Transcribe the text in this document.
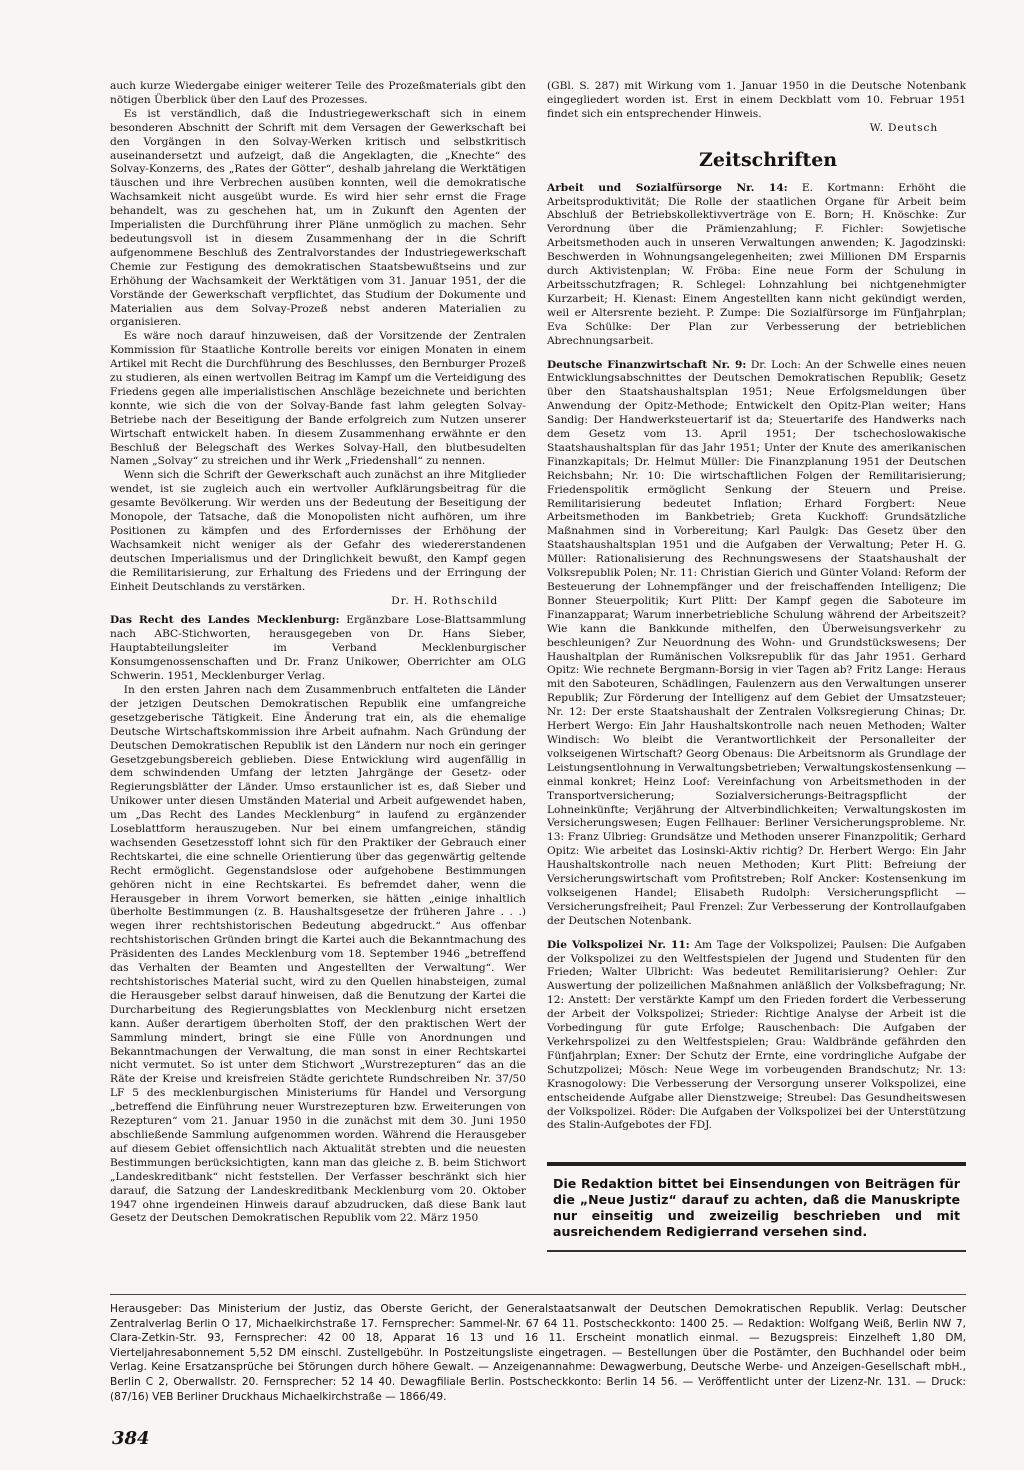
auch kurze Wiedergabe einiger weiterer Teile des Prozeßmaterials gibt den nötigen Überblick über den Lauf des Prozesses.

Es ist verständlich, daß die Industriegewerkschaft sich in einem besonderen Abschnitt der Schrift mit dem Versagen der Gewerkschaft bei den Vorgängen in den Solvay-Werken kritisch und selbstkritisch auseinandersetzt und aufzeigt, daß die Angeklagten, die „Knechte“ des Solvay-Konzerns, des „Rates der Götter“, deshalb jahrelang die Werktätigen täuschen und ihre Verbrechen ausüben konnten, weil die demokratische Wachsamkeit nicht ausgeübt wurde. Es wird hier sehr ernst die Frage behandelt, was zu geschehen hat, um in Zukunft den Agenten der Imperialisten die Durchführung ihrer Pläne unmöglich zu machen. Sehr bedeutungsvoll ist in diesem Zusammenhang der in die Schrift aufgenommene Beschluß des Zentralvorstandes der Industriegewerkschaft Chemie zur Festigung des demokratischen Staatsbewußtseins und zur Erhöhung der Wachsamkeit der Werktätigen vom 31. Januar 1951, der die Vorstände der Gewerkschaft verpflichtet, das Studium der Dokumente und Materialien aus dem Solvay-Prozeß nebst anderen Materialien zu organisieren.

Es wäre noch darauf hinzuweisen, daß der Vorsitzende der Zentralen Kommission für Staatliche Kontrolle bereits vor einigen Monaten in einem Artikel mit Recht die Durchführung des Beschlusses, den Bernburger Prozeß zu studieren, als einen wertvollen Beitrag im Kampf um die Verteidigung des Friedens gegen alle imperialistischen Anschläge bezeichnete und berichten konnte, wie sich die von der Solvay-Bande fast lahm gelegten Solvay-Betriebe nach der Beseitigung der Bande erfolgreich zum Nutzen unserer Wirtschaft entwickelt haben. In diesem Zusammenhang erwähnte er den Beschluß der Belegschaft des Werkes Solvay-Hall, den blutbesudelten Namen „Solvay“ zu streichen und ihr Werk „Friedenshall“ zu nennen.

Wenn sich die Schrift der Gewerkschaft auch zunächst an ihre Mitglieder wendet, ist sie zugleich auch ein wertvoller Aufklärungsbeitrag für die gesamte Bevölkerung. Wir werden uns der Bedeutung der Beseitigung der Monopole, der Tatsache, daß die Monopolisten nicht aufhören, um ihre Positionen zu kämpfen und des Erfordernisses der Erhöhung der Wachsamkeit nicht weniger als der Gefahr des wiedererstandenen deutschen Imperialismus und der Dringlichkeit bewußt, den Kampf gegen die Remilitarisierung, zur Erhaltung des Friedens und der Erringung der Einheit Deutschlands zu verstärken.

Dr. H. Rothschild

Das Recht des Landes Mecklenburg: Ergänzbare Lose-Blattsammlung nach ABC-Stichworten, herausgegeben von Dr. Hans Sieber, Hauptabteilungsleiter im Verband Mecklenburgischer Konsumgenossenschaften und Dr. Franz Unikower, Oberrichter am OLG Schwerin. 1951, Mecklenburger Verlag.

In den ersten Jahren nach dem Zusammenbruch entfalteten die Länder der jetzigen Deutschen Demokratischen Republik eine umfangreiche gesetzgeberische Tätigkeit. Eine Änderung trat ein, als die ehemalige Deutsche Wirtschaftskommission ihre Arbeit aufnahm. Nach Gründung der Deutschen Demokratischen Republik ist den Ländern nur noch ein geringer Gesetzgebungsbereich geblieben. Diese Entwicklung wird augenfällig in dem schwindenden Umfang der letzten Jahrgänge der Gesetz- oder Regierungsblätter der Länder. Umso erstaunlicher ist es, daß Sieber und Unikower unter diesen Umständen Material und Arbeit aufgewendet haben, um „Das Recht des Landes Mecklenburg“ in laufend zu ergänzender Loseblattform herauszugeben. Nur bei einem umfangreichen, ständig wachsenden Gesetzesstoff lohnt sich für den Praktiker der Gebrauch einer Rechtskartei, die eine schnelle Orientierung über das gegenwärtig geltende Recht ermöglicht. Gegenstandslose oder aufgehobene Bestimmungen gehören nicht in eine Rechtskartei. Es befremdet daher, wenn die Herausgeber in ihrem Vorwort bemerken, sie hätten „einige inhaltlich überholte Bestimmungen (z. B. Haushaltsgesetze der früheren Jahre . . .) wegen ihrer rechtshistorischen Bedeutung abgedruckt.“ Aus offenbar rechtshistorischen Gründen bringt die Kartei auch die Bekanntmachung des Präsidenten des Landes Mecklenburg vom 18. September 1946 „betreffend das Verhalten der Beamten und Angestellten der Verwaltung“. Wer rechtshistorisches Material sucht, wird zu den Quellen hinabsteigen, zumal die Herausgeber selbst darauf hinweisen, daß die Benutzung der Kartei die Durcharbeitung des Regierungsblattes von Mecklenburg nicht ersetzen kann. Außer derartigem überholten Stoff, der den praktischen Wert der Sammlung mindert, bringt sie eine Fülle von Anordnungen und Bekanntmachungen der Verwaltung, die man sonst in einer Rechtskartei nicht vermutet. So ist unter dem Stichwort „Wurstrezepturen“ das an die Räte der Kreise und kreisfreien Städte gerichtete Rundschreiben Nr. 37/50 LF 5 des mecklenburgischen Ministeriums für Handel und Versorgung „betreffend die Einführung neuer Wurstrezepturen bzw. Erweiterungen von Rezepturen“ vom 21. Januar 1950 in die zunächst mit dem 30. Juni 1950 abschließende Sammlung aufgenommen worden. Während die Herausgeber auf diesem Gebiet offensichtlich nach Aktualität strebten und die neuesten Bestimmungen berücksichtigten, kann man das gleiche z. B. beim Stichwort „Landeskreditbank“ nicht feststellen. Der Verfasser beschränkt sich hier darauf, die Satzung der Landeskreditbank Mecklenburg vom 20. Oktober 1947 ohne irgendeinen Hinweis darauf abzudrucken, daß diese Bank laut Gesetz der Deutschen Demokratischen Republik vom 22. März 1950

(GBl. S. 287) mit Wirkung vom 1. Januar 1950 in die Deutsche Notenbank eingegliedert worden ist. Erst in einem Deckblatt vom 10. Februar 1951 findet sich ein entsprechender Hinweis.

W. Deutsch

Zeitschriften

Arbeit und Sozialfürsorge Nr. 14: E. Kortmann: Erhöht die Arbeitsproduktivität; Die Rolle der staatlichen Organe für Arbeit beim Abschluß der Betriebskollektivverträge von E. Born; H. Knöschke: Zur Verordnung über die Prämienzahlung; F. Fichler: Sowjetische Arbeitsmethoden auch in unseren Verwaltungen anwenden; K. Jagodzinski: Beschwerden in Wohnungsangelegenheiten; zwei Millionen DM Ersparnis durch Aktivistenplan; W. Fröba: Eine neue Form der Schulung in Arbeitsschutzfragen; R. Schlegel: Lohnzahlung bei nichtgenehmigter Kurzarbeit; H. Kienast: Einem Angestellten kann nicht gekündigt werden, weil er Altersrente bezieht. P. Zumpe: Die Sozialfürsorge im Fünfjahrplan; Eva Schülke: Der Plan zur Verbesserung der betrieblichen Abrechnungsarbeit.

Deutsche Finanzwirtschaft Nr. 9: Dr. Loch: An der Schwelle eines neuen Entwicklungsabschnittes der Deutschen Demokratischen Republik; Gesetz über den Staatshaushaltsplan 1951; Neue Erfolgsmeldungen über Anwendung der Opitz-Methode; Entwickelt den Opitz-Plan weiter; Hans Sandig: Der Handwerksteuertarif ist da; Steuertarife des Handwerks nach dem Gesetz vom 13. April 1951; Der tschechoslowakische Staatshaushaltsplan für das Jahr 1951; Unter der Knute des amerikanischen Finanzkapitals; Dr. Helmut Müller: Die Finanzplanung 1951 der Deutschen Reichsbahn; Nr. 10: Die wirtschaftlichen Folgen der Remilitarisierung; Friedenspolitik ermöglicht Senkung der Steuern und Preise. Remilitarisierung bedeutet Inflation; Erhard Forgbert: Neue Arbeitsmethoden im Bankbetrieb; Greta Kuckhoff: Grundsätzliche Maßnahmen sind in Vorbereitung; Karl Paulgk: Das Gesetz über den Staatshaushaltsplan 1951 und die Aufgaben der Verwaltung; Peter H. G. Müller: Rationalisierung des Rechnungswesens der Staatshaushalt der Volksrepublik Polen; Nr. 11: Christian Gierich und Günter Voland: Reform der Besteuerung der Lohnempfänger und der freischaffenden Intelligenz; Die Bonner Steuerpolitik; Kurt Plitt: Der Kampf gegen die Saboteure im Finanzapparat; Warum innerbetriebliche Schulung während der Arbeitszeit? Wie kann die Bankkunde mithelfen, den Überweisungsverkehr zu beschleunigen? Zur Neuordnung des Wohn- und Grundstückswesens; Der Haushaltplan der Rumänischen Volksrepublik für das Jahr 1951. Gerhard Opitz: Wie rechnete Bergmann-Borsig in vier Tagen ab? Fritz Lange: Heraus mit den Saboteuren, Schädlingen, Faulenzern aus den Verwaltungen unserer Republik; Zur Förderung der Intelligenz auf dem Gebiet der Umsatzsteuer; Nr. 12: Der erste Staatshaushalt der Zentralen Volksregierung Chinas; Dr. Herbert Wergo: Ein Jahr Haushaltskontrolle nach neuen Methoden; Walter Windisch: Wo bleibt die Verantwortlichkeit der Personalleiter der volkseigenen Wirtschaft? Georg Obenaus: Die Arbeitsnorm als Grundlage der Leistungsentlohnung in Verwaltungsbetrieben; Verwaltungskostensenkung — einmal konkret; Heinz Loof: Vereinfachung von Arbeitsmethoden in der Transportversicherung; Sozialversicherungs-Beitragspflicht der Lohneinkünfte; Verjährung der Altverbindlichkeiten; Verwaltungskosten im Versicherungswesen; Eugen Fellhauer: Berliner Versicherungsprobleme. Nr. 13: Franz Ulbrieg: Grundsätze und Methoden unserer Finanzpolitik; Gerhard Opitz: Wie arbeitet das Losinski-Aktiv richtig? Dr. Herbert Wergo: Ein Jahr Haushaltskontrolle nach neuen Methoden; Kurt Plitt: Befreiung der Versicherungswirtschaft vom Profitstreben; Rolf Ancker: Kostensenkung im volkseigenen Handel; Elisabeth Rudolph: Versicherungspflicht — Versicherungsfreiheit; Paul Frenzel: Zur Verbesserung der Kontrollaufgaben der Deutschen Notenbank.

Die Volkspolizei Nr. 11: Am Tage der Volkspolizei; Paulsen: Die Aufgaben der Volkspolizei zu den Weltfestspielen der Jugend und Studenten für den Frieden; Walter Ulbricht: Was bedeutet Remilitarisierung? Oehler: Zur Auswertung der polizeilichen Maßnahmen anläßlich der Volksbefragung; Nr. 12: Anstett: Der verstärkte Kampf um den Frieden fordert die Verbesserung der Arbeit der Volkspolizei; Strieder: Richtige Analyse der Arbeit ist die Vorbedingung für gute Erfolge; Rauschenbach: Die Aufgaben der Verkehrspolizei zu den Weltfestspielen; Grau: Waldbrände gefährden den Fünfjahrplan; Exner: Der Schutz der Ernte, eine vordringliche Aufgabe der Schutzpolizei; Mösch: Neue Wege im vorbeugenden Brandschutz; Nr. 13: Krasnogolowy: Die Verbesserung der Versorgung unserer Volkspolizei, eine entscheidende Aufgabe aller Dienstzweige; Streubel: Das Gesundheitswesen der Volkspolizei. Röder: Die Aufgaben der Volkspolizei bei der Unterstützung des Stalin-Aufgebotes der FDJ.

Die Redaktion bittet bei Einsendungen von Beiträgen für die „Neue Justiz“ darauf zu achten, daß die Manuskripte nur einseitig und zweizeilig beschrieben und mit ausreichendem Redigierrand versehen sind.
Herausgeber: Das Ministerium der Justiz, das Oberste Gericht, der Generalstaatsanwalt der Deutschen Demokratischen Republik. Verlag: Deutscher Zentralverlag Berlin O 17, Michaelkirchstraße 17. Fernsprecher: Sammel-Nr. 67 64 11. Postscheckkonto: 1400 25. — Redaktion: Wolfgang Weiß, Berlin NW 7, Clara-Zetkin-Str. 93, Fernsprecher: 42 00 18, Apparat 16 13 und 16 11. Erscheint monatlich einmal. — Bezugspreis: Einzelheft 1,80 DM, Vierteljahresabonnement 5,52 DM einschl. Zustellgebühr. In Postzeitungsliste eingetragen. — Bestellungen über die Postämter, den Buchhandel oder beim Verlag. Keine Ersatzansprüche bei Störungen durch höhere Gewalt. — Anzeigenannahme: Dewagwerbung, Deutsche Werbe- und Anzeigen-Gesellschaft mbH., Berlin C 2, Oberwallstr. 20. Fernsprecher: 52 14 40. Dewagfiliale Berlin. Postscheckkonto: Berlin 14 56. — Veröffentlicht unter der Lizenz-Nr. 131. — Druck: (87/16) VEB Berliner Druckhaus Michaelkirchstraße — 1866/49.
384
